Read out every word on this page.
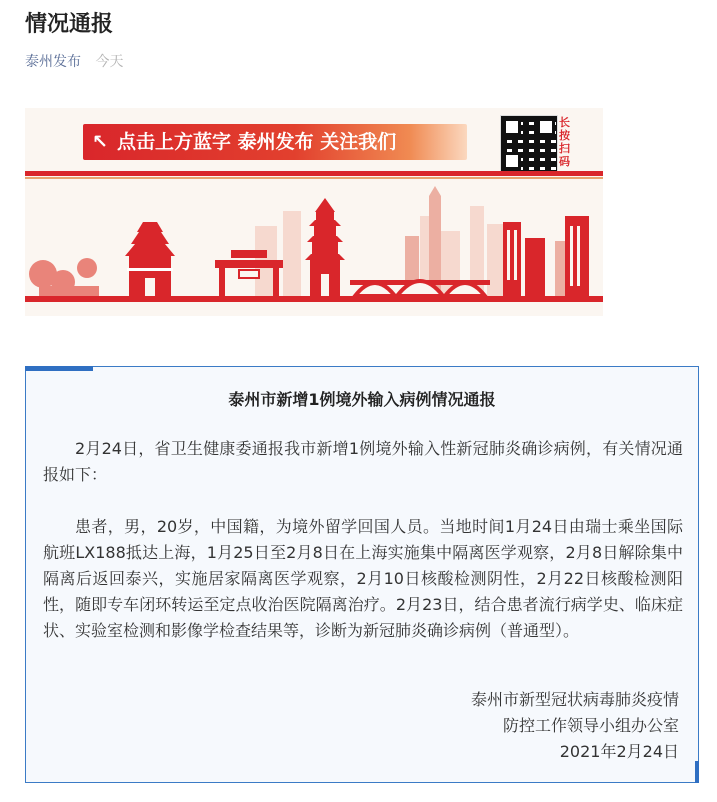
情况通报
泰州发布 今天
↖ 点击上方蓝字 泰州发布 关注我们
长按扫码
泰州市新增1例境外输入病例情况通报

2月24日，省卫生健康委通报我市新增1例境外输入性新冠肺炎确诊病例，有关情况通报如下：

患者，男，20岁，中国籍，为境外留学回国人员。当地时间1月24日由瑞士乘坐国际航班LX188抵达上海，1月25日至2月8日在上海实施集中隔离医学观察，2月8日解除集中隔离后返回泰兴，实施居家隔离医学观察，2月10日核酸检测阴性，2月22日核酸检测阳性，随即专车闭环转运至定点收治医院隔离治疗。2月23日，结合患者流行病学史、临床症状、实验室检测和影像学检查结果等，诊断为新冠肺炎确诊病例（普通型）。

泰州市新型冠状病毒肺炎疫情
防控工作领导小组办公室
2021年2月24日
